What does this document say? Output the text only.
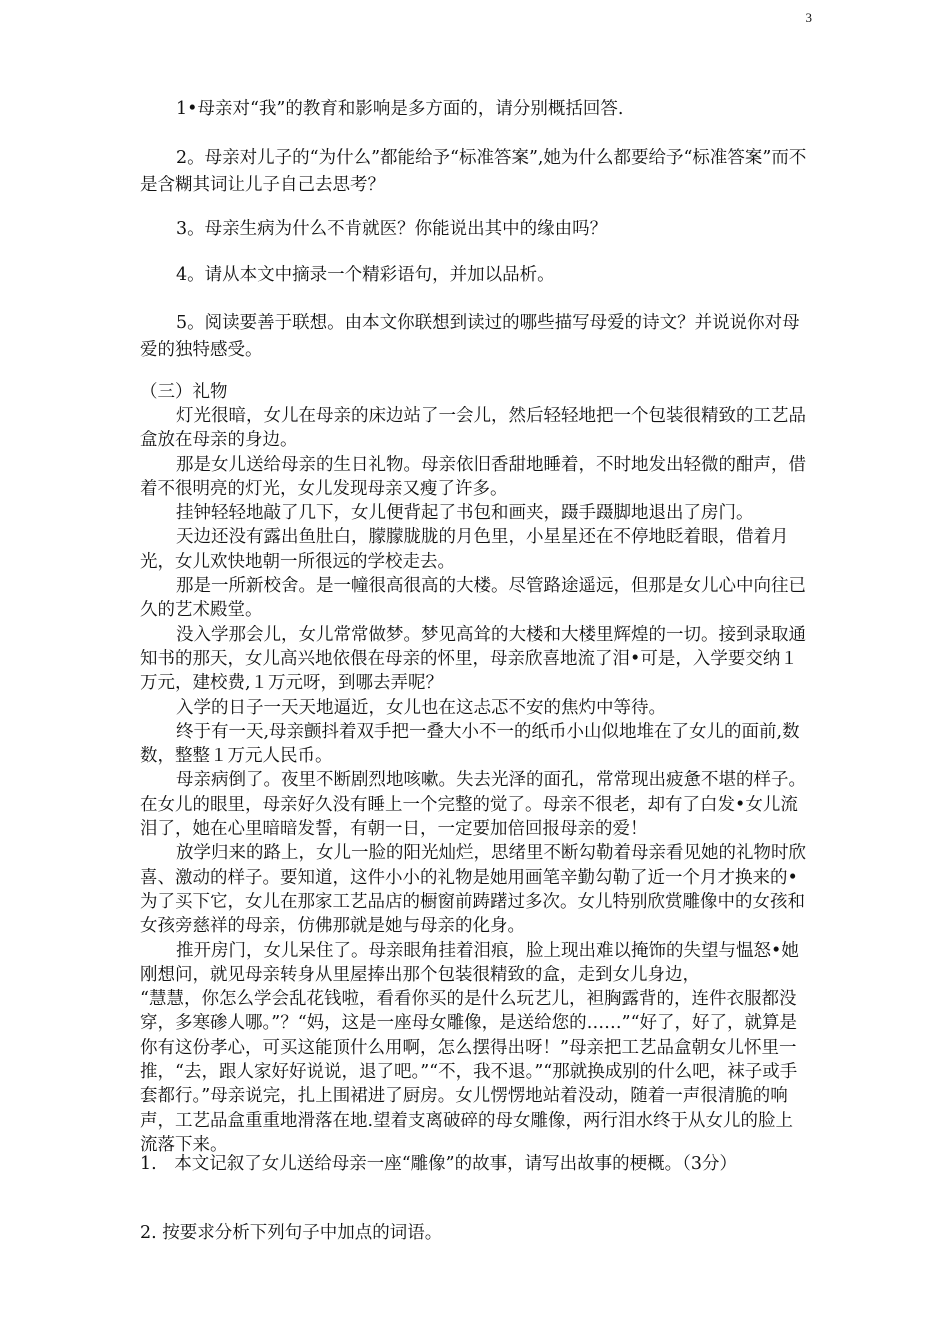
3

1•母亲对“我”的教育和影响是多方面的，请分别概括回答.

2。母亲对儿子的“为什么”都能给予“标准答案”,她为什么都要给予“标准答案”而不是含糊其词让儿子自己去思考？

3。母亲生病为什么不肯就医？你能说出其中的缘由吗？

4。请从本文中摘录一个精彩语句，并加以品析。

5。阅读要善于联想。由本文你联想到读过的哪些描写母爱的诗文？并说说你对母爱的独特感受。

（三）礼物

灯光很暗，女儿在母亲的床边站了一会儿，然后轻轻地把一个包装很精致的工艺品盒放在母亲的身边。

那是女儿送给母亲的生日礼物。母亲依旧香甜地睡着，不时地发出轻微的酣声，借着不很明亮的灯光，女儿发现母亲又瘦了许多。

挂钟轻轻地敲了几下，女儿便背起了书包和画夹，蹑手蹑脚地退出了房门。

天边还没有露出鱼肚白，朦朦胧胧的月色里，小星星还在不停地眨着眼，借着月光，女儿欢快地朝一所很远的学校走去。

那是一所新校舍。是一幢很高很高的大楼。尽管路途遥远，但那是女儿心中向往已久的艺术殿堂。

没入学那会儿，女儿常常做梦。梦见高耸的大楼和大楼里辉煌的一切。接到录取通知书的那天，女儿高兴地依偎在母亲的怀里，母亲欣喜地流了泪•可是，入学要交纳１万元，建校费,１万元呀，到哪去弄呢？

入学的日子一天天地逼近，女儿也在这忐忑不安的焦灼中等待。

终于有一天,母亲颤抖着双手把一叠大小不一的纸币小山似地堆在了女儿的面前,数数，整整１万元人民币。

母亲病倒了。夜里不断剧烈地咳嗽。失去光泽的面孔，常常现出疲惫不堪的样子。在女儿的眼里，母亲好久没有睡上一个完整的觉了。母亲不很老，却有了白发•女儿流泪了，她在心里暗暗发誓，有朝一日，一定要加倍回报母亲的爱！

放学归来的路上，女儿一脸的阳光灿烂，思绪里不断勾勒着母亲看见她的礼物时欣喜、激动的样子。要知道，这件小小的礼物是她用画笔辛勤勾勒了近一个月才换来的•为了买下它，女儿在那家工艺品店的橱窗前踌躇过多次。女儿特别欣赏雕像中的女孩和女孩旁慈祥的母亲，仿佛那就是她与母亲的化身。

推开房门，女儿呆住了。母亲眼角挂着泪痕，脸上现出难以掩饰的失望与愠怒•她刚想问，就见母亲转身从里屋捧出那个包装很精致的盒，走到女儿身边，

“慧慧，你怎么学会乱花钱啦，看看你买的是什么玩艺儿，袒胸露背的，连件衣服都没穿，多寒碜人哪。”？“妈，这是一座母女雕像，是送给您的……”“好了，好了，就算是你有这份孝心，可买这能顶什么用啊，怎么摆得出呀！”母亲把工艺品盒朝女儿怀里一推，“去，跟人家好好说说，退了吧。”“不，我不退。”“那就换成别的什么吧，袜子或手套都行。”母亲说完，扎上围裙进了厨房。女儿愣愣地站着没动，随着一声很清脆的响声，工艺品盒重重地滑落在地.望着支离破碎的母女雕像，两行泪水终于从女儿的脸上流落下来。

1.　本文记叙了女儿送给母亲一座“雕像”的故事，请写出故事的梗概。（3分）

2. 按要求分析下列句子中加点的词语。
